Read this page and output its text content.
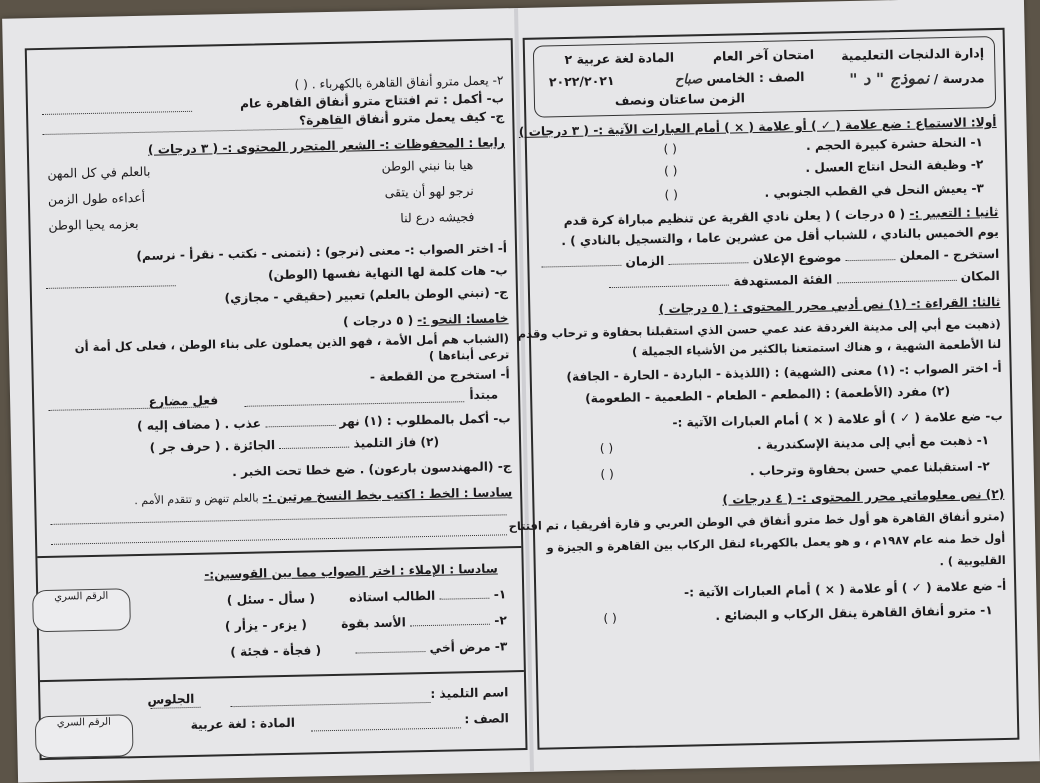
٢- يعمل مترو أنفاق القاهرة بالكهرباء . ( )
ب- أكمل : تم افتتاح مترو أنفاق القاهرة عام
ج- كيف يعمل مترو أنفاق القاهرة؟
رابعا : المحفوظات :- الشعر المتحرر المحتوى :- ( ٣ درجات )
هيا بنا نبني الوطن
بالعلم في كل المهن
نرجو لهو أن يتقى
أعداءه طول الزمن
فجيشه درع لنا
بعزمه يحيا الوطن
أ- اختر الصواب :- معنى (نرجو) : (نتمنى - نكتب - نقرأ - نرسم)
ب- هات كلمة لها النهاية نفسها (الوطن)
ج- (نبني الوطن بالعلم) تعبير (حقيقي - مجازي)
خامسا: النحو :- ( ٥ درجات )
(الشباب هم أمل الأمة ، فهو الذين يعملون على بناء الوطن ، فعلى كل أمة أن ترعى أبناءها )
أ- استخرج من القطعة -
مبتدأ
فعل مضارع
ب- أكمل بالمطلوب : (١) نهر  عذب . ( مضاف إليه )
(٢) فاز التلميذ  الجائزة . ( حرف جر )
ج- (المهندسون بارعون) . ضع خطا تحت الخبر .
سادسا : الخط : اكتب بخط النسخ مرتين :- بالعلم تنهض و تتقدم الأمم .
سادسا : الإملاء : اختر الصواب مما بين القوسين:-
١-  الطالب استاذه ( سأل - سئل )
٢-  الأسد بقوة ( يزءر - يزأر )
٣- مرض أخي  ( فجأة - فجئة )
اسم التلميذ :
الجلوس
الصف :
المادة : لغة عربية
الرقم السري
الرقم السري
إدارة الدلنجات التعليمية
امتحان آخر العام
المادة لغة عربية ٢
مدرسة / نموذج " د "
الصف : الخامس صباح
٢٠٢٢/٢٠٢١
الزمن ساعتان ونصف
أولا: الاستماع : ضع علامة ( ✓ ) أو علامة ( × ) أمام العبارات الآتية :- ( ٣ درجات )
١- النحلة حشرة كبيرة الحجم .
( )
٢- وظيفة النحل انتاج العسل .
( )
٣- يعيش النحل في القطب الجنوبي .
( )
ثانيا : التعبير :- ( ٥ درجات ) ( يعلن نادي القرية عن تنظيم مباراة كرة قدم
يوم الخميس بالنادي ، للشباب أقل من عشرين عاما ، والتسجيل بالنادي ) .
استخرج - المعلن  موضوع الإعلان  الزمان
المكان  الفئة المستهدفة
ثالثا: القراءة :- (١) نص أدبي محرر المحتوى : ( ٥ درجات )
(ذهبت مع أبي إلى مدينة الغردقة عند عمي حسن الذي استقبلنا بحفاوة و ترحاب وقدم
لنا الأطعمة الشهية ، و هناك استمتعنا بالكثير من الأشياء الجميلة )
أ- اختر الصواب :- (١) معنى (الشهية) : (اللذيذة - الباردة - الحارة - الجافة)
(٢) مفرد (الأطعمة) : (المطعم - الطعام - الطعمية - الطعومة)
ب- ضع علامة ( ✓ ) أو علامة ( × ) أمام العبارات الآتية :-
١- ذهبت مع أبي إلى مدينة الإسكندرية .
( )
٢- استقبلنا عمي حسن بحفاوة وترحاب .
( )
(٢) نص معلوماتي محرر المحتوى :- ( ٤ درجات )
(مترو أنفاق القاهرة هو أول خط مترو أنفاق في الوطن العربي و قارة أفريقيا ، تم افتتاح
أول خط منه عام ١٩٨٧م ، و هو يعمل بالكهرباء لنقل الركاب بين القاهرة و الجيزة و
القليوبية ) .
أ- ضع علامة ( ✓ ) أو علامة ( × ) أمام العبارات الآتية :-
١- مترو أنفاق القاهرة ينقل الركاب و البضائع .
( )
